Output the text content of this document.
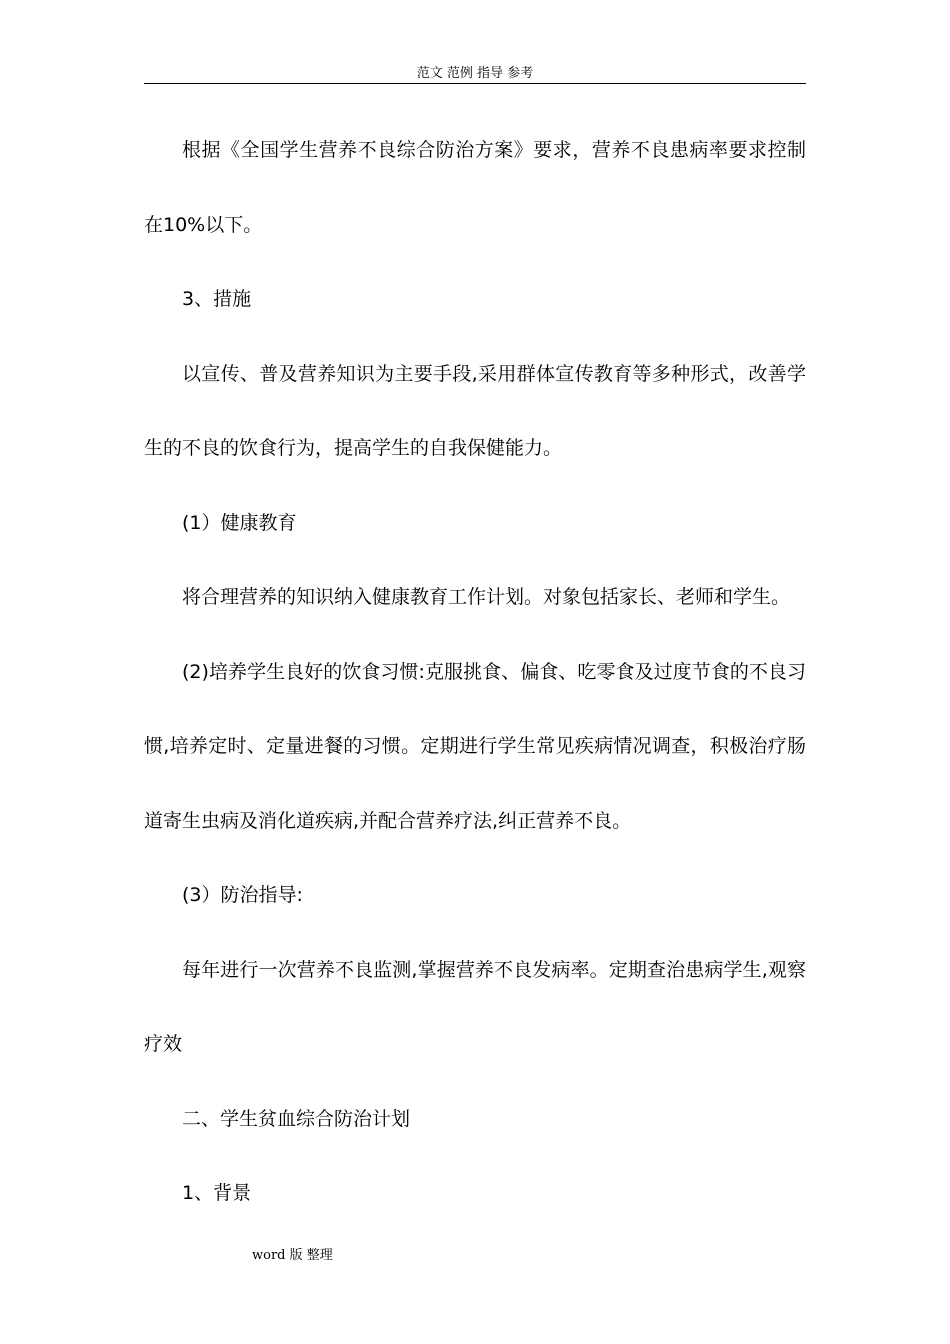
范文 范例 指导 参考

根据《全国学生营养不良综合防治方案》要求，营养不良患病率要求控制在10%以下。

3、措施

以宣传、普及营养知识为主要手段,采用群体宣传教育等多种形式，改善学生的不良的饮食行为，提高学生的自我保健能力。

(1）健康教育

将合理营养的知识纳入健康教育工作计划。对象包括家长、老师和学生。

(2)培养学生良好的饮食习惯:克服挑食、偏食、吃零食及过度节食的不良习惯,培养定时、定量进餐的习惯。定期进行学生常见疾病情况调查，积极治疗肠道寄生虫病及消化道疾病,并配合营养疗法,纠正营养不良。

(3）防治指导:

每年进行一次营养不良监测,掌握营养不良发病率。定期查治患病学生,观察疗效

二、学生贫血综合防治计划

1、背景

word 版 整理
